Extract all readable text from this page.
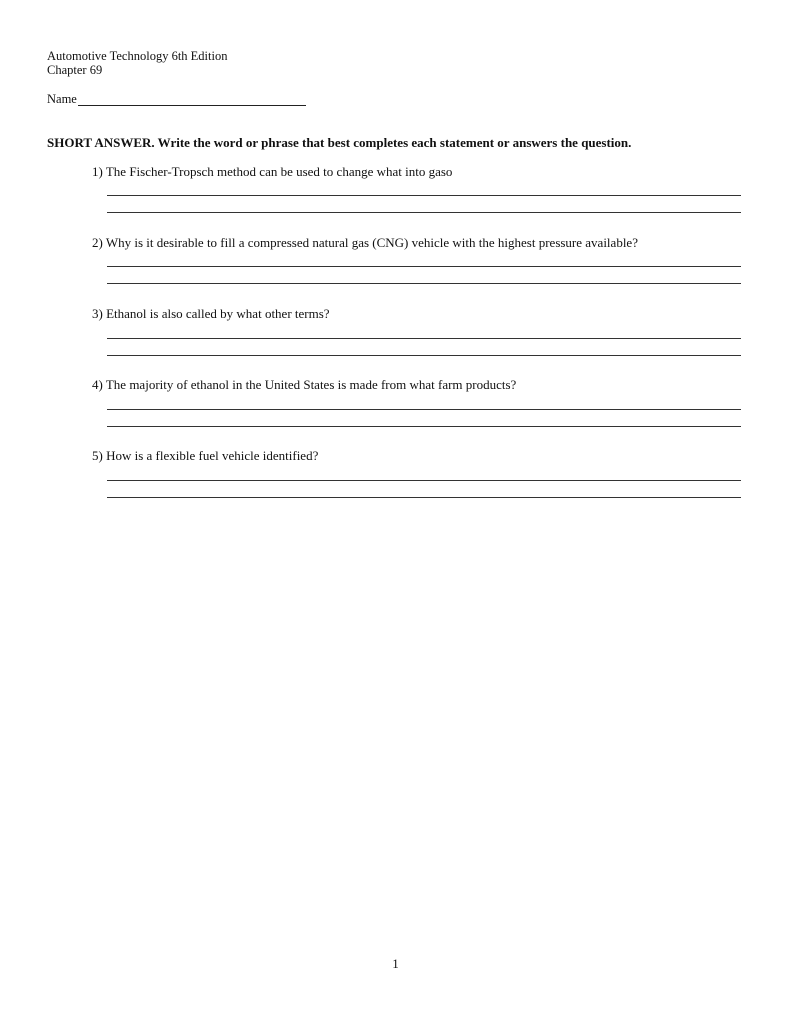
Automotive Technology 6th Edition
Chapter 69
Name
SHORT ANSWER. Write the word or phrase that best completes each statement or answers the question.
1) The Fischer-Tropsch method can be used to change what into gaso
2) Why is it desirable to fill a compressed natural gas (CNG) vehicle with the highest pressure available?
3) Ethanol is also called by what other terms?
4) The majority of ethanol in the United States is made from what farm products?
5) How is a flexible fuel vehicle identified?
1
